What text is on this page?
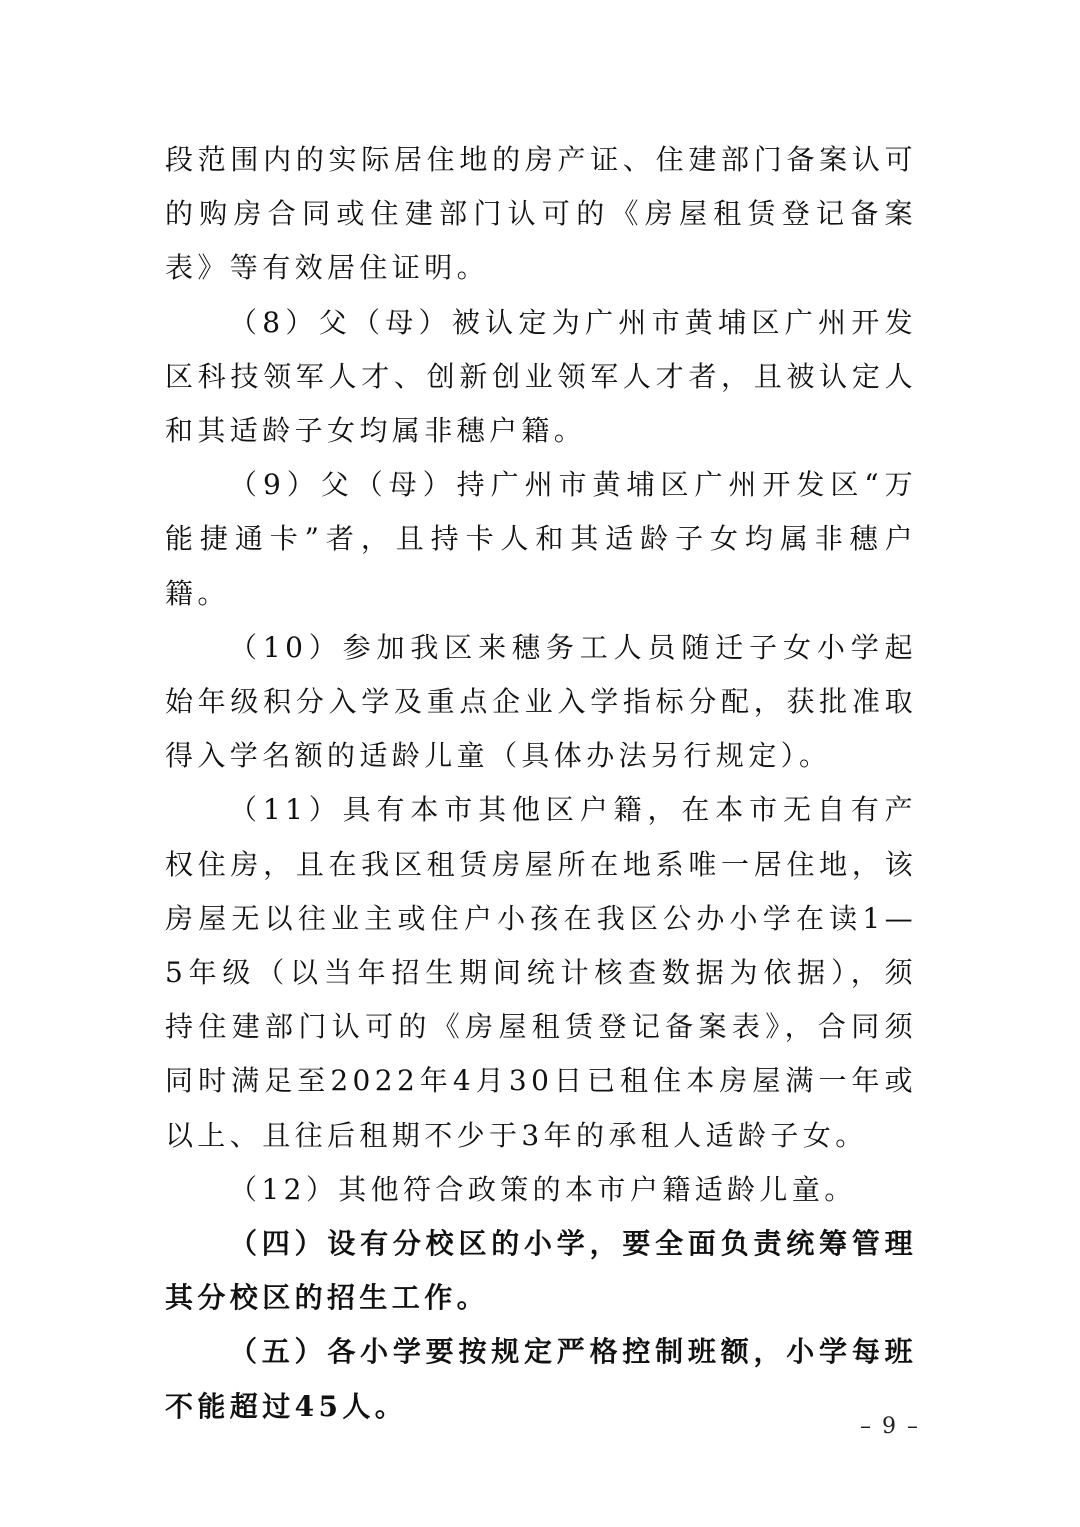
段范围内的实际居住地的房产证、住建部门备案认可的购房合同或住建部门认可的《房屋租赁登记备案表》等有效居住证明。

（8）父（母）被认定为广州市黄埔区广州开发区科技领军人才、创新创业领军人才者，且被认定人和其适龄子女均属非穗户籍。

（9）父（母）持广州市黄埔区广州开发区“万能捷通卡”者，且持卡人和其适龄子女均属非穗户籍。

（10）参加我区来穗务工人员随迁子女小学起始年级积分入学及重点企业入学指标分配，获批准取得入学名额的适龄儿童（具体办法另行规定）。

（11）具有本市其他区户籍，在本市无自有产权住房，且在我区租赁房屋所在地系唯一居住地，该房屋无以往业主或住户小孩在我区公办小学在读1—5年级（以当年招生期间统计核查数据为依据），须持住建部门认可的《房屋租赁登记备案表》，合同须同时满足至2022年4月30日已租住本房屋满一年或以上、且往后租期不少于3年的承租人适龄子女。

（12）其他符合政策的本市户籍适龄儿童。

（四）设有分校区的小学，要全面负责统筹管理其分校区的招生工作。

（五）各小学要按规定严格控制班额，小学每班不能超过45人。

– 9 –
